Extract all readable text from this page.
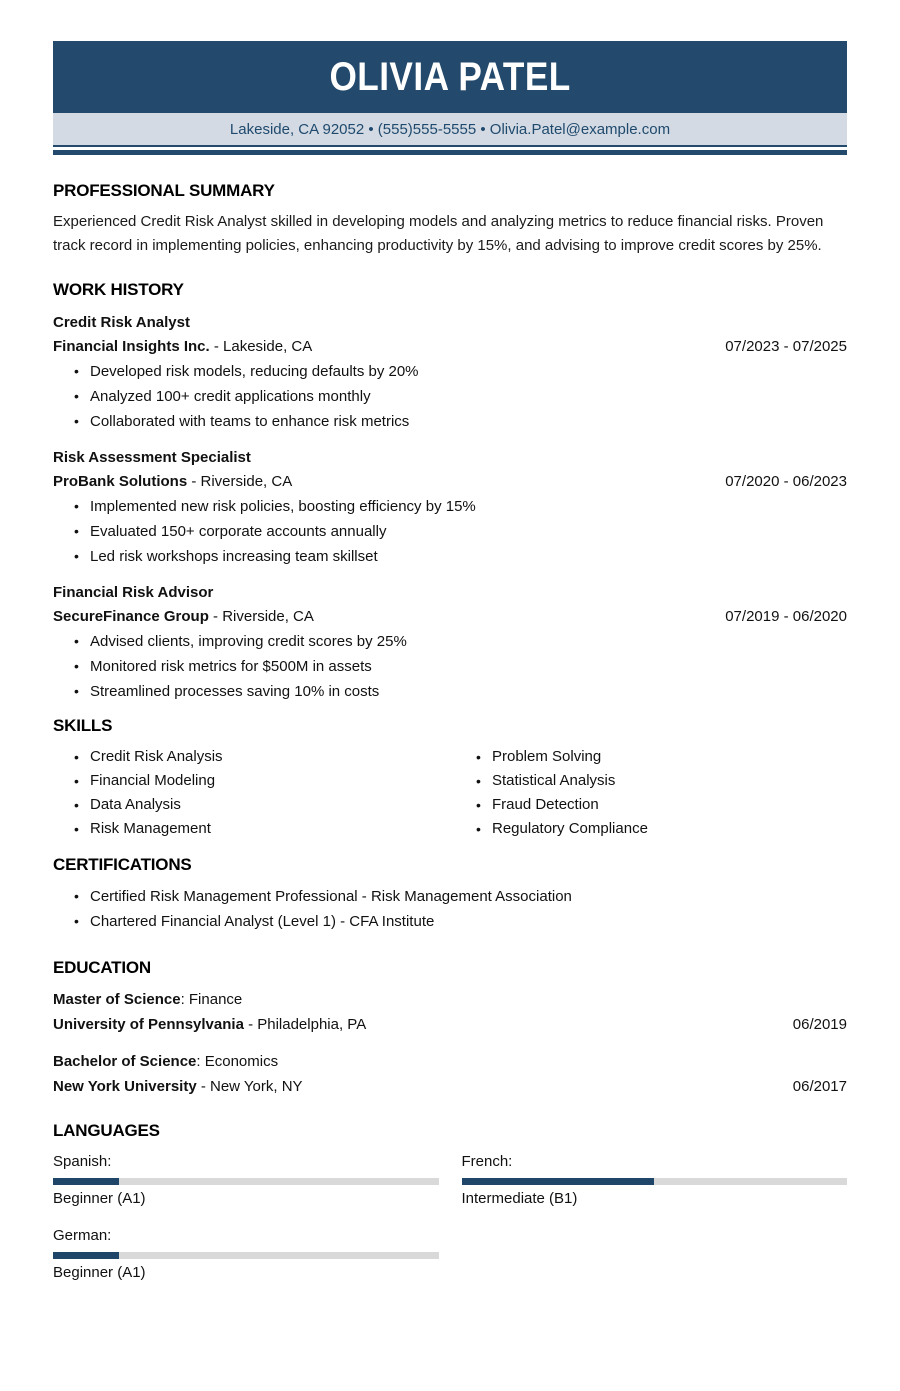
OLIVIA PATEL
Lakeside, CA 92052 • (555)555-5555 • Olivia.Patel@example.com
PROFESSIONAL SUMMARY

Experienced Credit Risk Analyst skilled in developing models and analyzing metrics to reduce financial risks. Proven track record in implementing policies, enhancing productivity by 15%, and advising to improve credit scores by 25%.

WORK HISTORY
Credit Risk Analyst
Financial Insights Inc. - Lakeside, CA	07/2023 - 07/2025
• Developed risk models, reducing defaults by 20%
• Analyzed 100+ credit applications monthly
• Collaborated with teams to enhance risk metrics
Risk Assessment Specialist
ProBank Solutions - Riverside, CA	07/2020 - 06/2023
• Implemented new risk policies, boosting efficiency by 15%
• Evaluated 150+ corporate accounts annually
• Led risk workshops increasing team skillset
Financial Risk Advisor
SecureFinance Group - Riverside, CA	07/2019 - 06/2020
• Advised clients, improving credit scores by 25%
• Monitored risk metrics for $500M in assets
• Streamlined processes saving 10% in costs
SKILLS
• Credit Risk Analysis
• Financial Modeling
• Data Analysis
• Risk Management
• Problem Solving
• Statistical Analysis
• Fraud Detection
• Regulatory Compliance
CERTIFICATIONS
• Certified Risk Management Professional - Risk Management Association
• Chartered Financial Analyst (Level 1) - CFA Institute
EDUCATION
Master of Science: Finance
University of Pennsylvania - Philadelphia, PA	06/2019
Bachelor of Science: Economics
New York University - New York, NY	06/2017
LANGUAGES
Spanish:
Beginner (A1)
French:
Intermediate (B1)
German:
Beginner (A1)
